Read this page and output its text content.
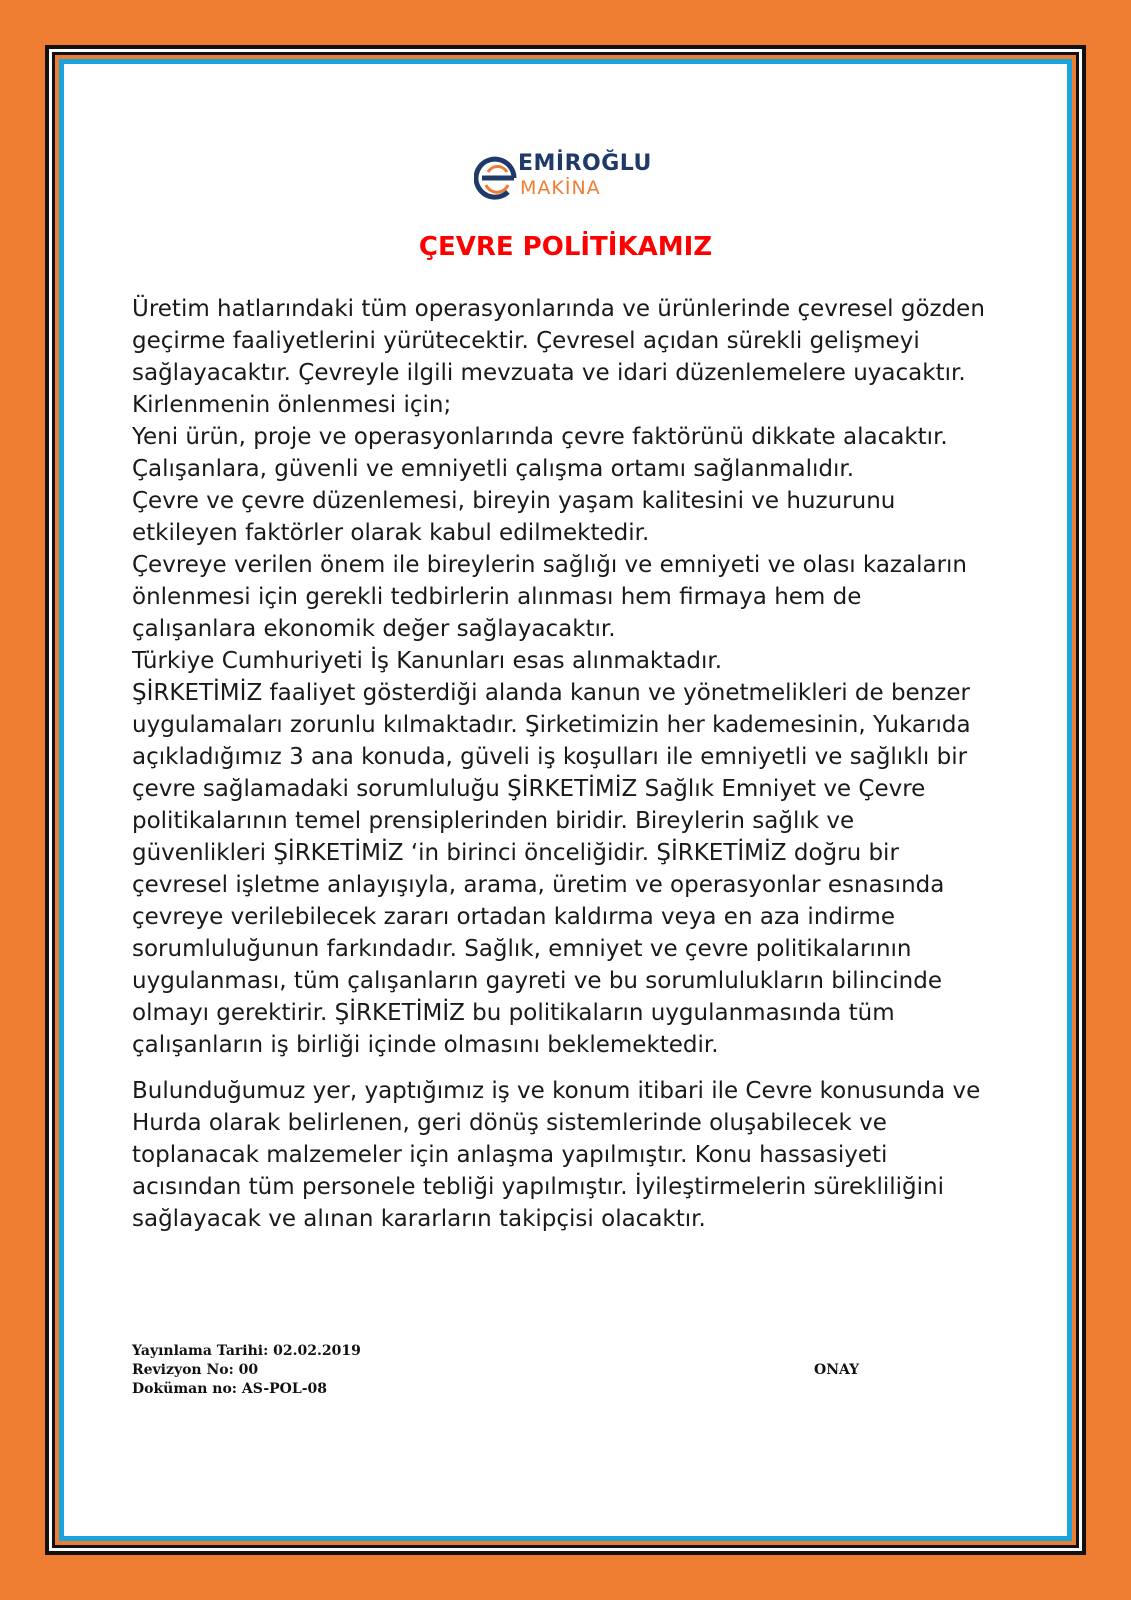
EMİROĞLU
MAKİNA
ÇEVRE POLİTİKAMIZ
Üretim hatlarındaki tüm operasyonlarında ve ürünlerinde çevresel gözden
geçirme faaliyetlerini yürütecektir. Çevresel açıdan sürekli gelişmeyi
sağlayacaktır. Çevreyle ilgili mevzuata ve idari düzenlemelere uyacaktır.
Kirlenmenin önlenmesi için;
Yeni ürün, proje ve operasyonlarında çevre faktörünü dikkate alacaktır.
Çalışanlara, güvenli ve emniyetli çalışma ortamı sağlanmalıdır.
Çevre ve çevre düzenlemesi, bireyin yaşam kalitesini ve huzurunu
etkileyen faktörler olarak kabul edilmektedir.
Çevreye verilen önem ile bireylerin sağlığı ve emniyeti ve olası kazaların
önlenmesi için gerekli tedbirlerin alınması hem firmaya hem de
çalışanlara ekonomik değer sağlayacaktır.
Türkiye Cumhuriyeti İş Kanunları esas alınmaktadır.
ŞİRKETİMİZ faaliyet gösterdiği alanda kanun ve yönetmelikleri de benzer
uygulamaları zorunlu kılmaktadır. Şirketimizin her kademesinin, Yukarıda
açıkladığımız 3 ana konuda, güveli iş koşulları ile emniyetli ve sağlıklı bir
çevre sağlamadaki sorumluluğu ŞİRKETİMİZ Sağlık Emniyet ve Çevre
politikalarının temel prensiplerinden biridir. Bireylerin sağlık ve
güvenlikleri ŞİRKETİMİZ ‘in birinci önceliğidir. ŞİRKETİMİZ doğru bir
çevresel işletme anlayışıyla, arama, üretim ve operasyonlar esnasında
çevreye verilebilecek zararı ortadan kaldırma veya en aza indirme
sorumluluğunun farkındadır. Sağlık, emniyet ve çevre politikalarının
uygulanması, tüm çalışanların gayreti ve bu sorumlulukların bilincinde
olmayı gerektirir. ŞİRKETİMİZ bu politikaların uygulanmasında tüm
çalışanların iş birliği içinde olmasını beklemektedir.
Bulunduğumuz yer, yaptığımız iş ve konum itibari ile Cevre konusunda ve
Hurda olarak belirlenen, geri dönüş sistemlerinde oluşabilecek ve
toplanacak malzemeler için anlaşma yapılmıştır. Konu hassasiyeti
acısından tüm personele tebliği yapılmıştır. İyileştirmelerin sürekliliğini
sağlayacak ve alınan kararların takipçisi olacaktır.
Yayınlama Tarihi: 02.02.2019
Revizyon No: 00
Doküman no: AS-POL-08
ONAY
